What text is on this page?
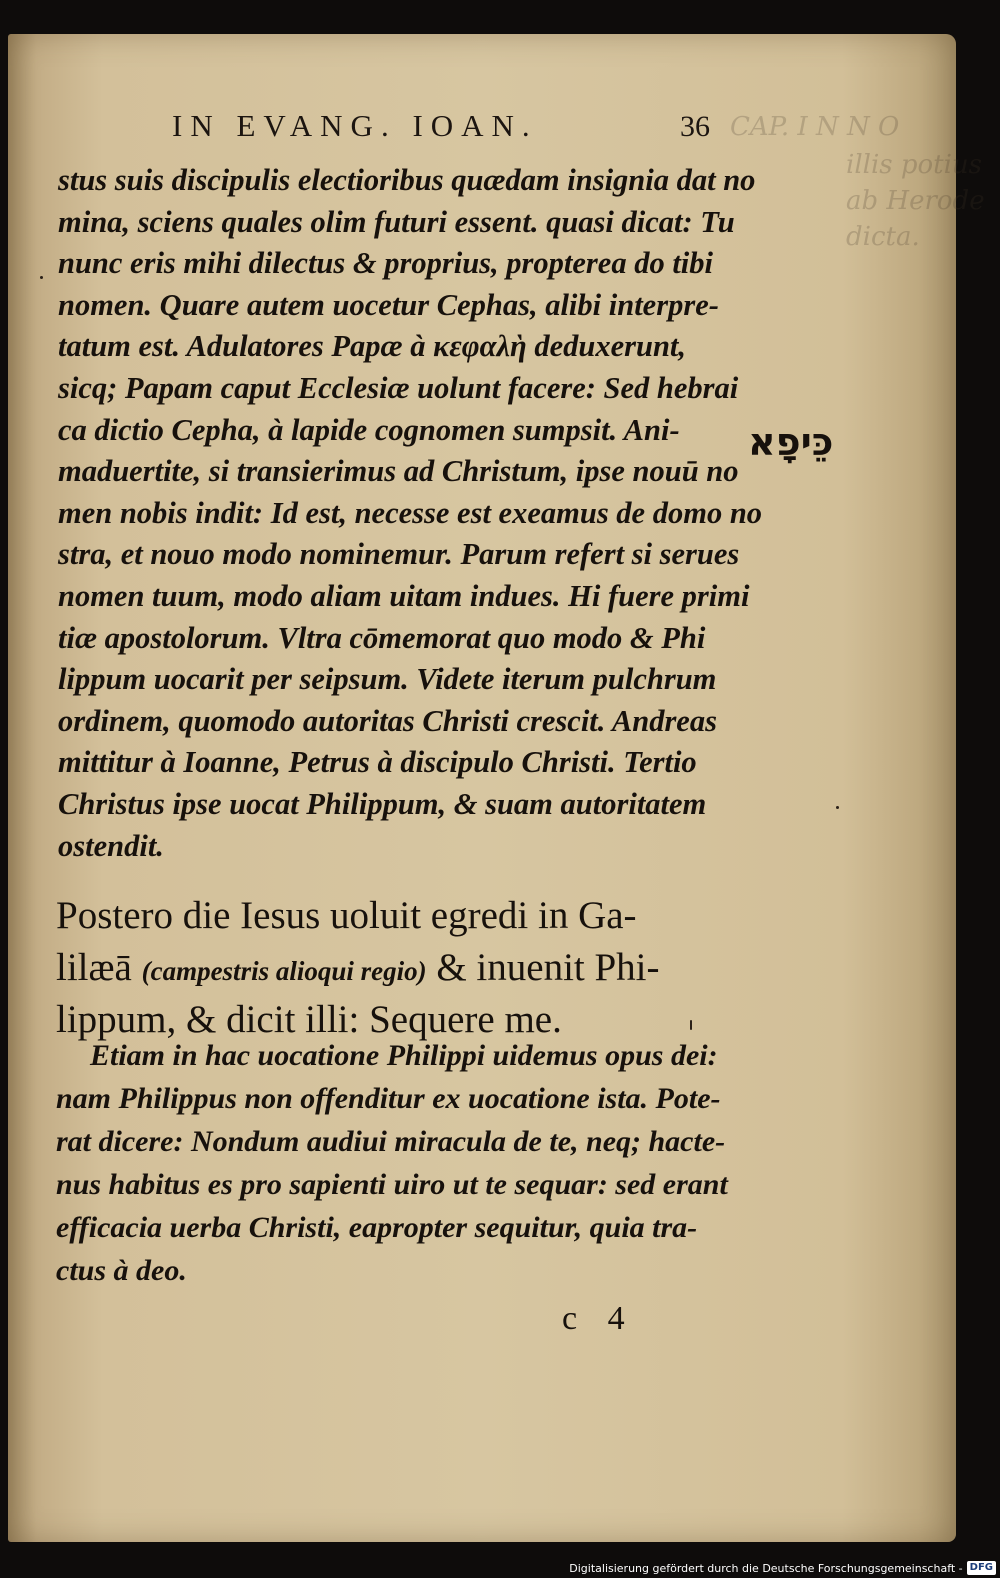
CAP. I N N O
illis potius
ab Herode
dicta.
IN EVANG. IOAN.	36
stus suis discipulis electioribus quædam insignia dat no
mina, sciens quales olim futuri essent. quasi dicat: Tu
nunc eris mihi dilectus & proprius, propterea do tibi
nomen. Quare autem uocetur Cephas, alibi interpre-
tatum est. Adulatores Papæ à κεφαλὴ deduxerunt,
sicq; Papam caput Ecclesiæ uolunt facere: Sed hebrai
ca dictio Cepha, à lapide cognomen sumpsit. Ani-
maduertite, si transierimus ad Christum, ipse nouū no
men nobis indit: Id est, necesse est exeamus de domo no
stra, et nouo modo nominemur. Parum refert si serues
nomen tuum, modo aliam uitam indues. Hi fuere primi
tiæ apostolorum. Vltra cōmemorat quo modo & Phi
lippum uocarit per seipsum. Videte iterum pulchrum
ordinem, quomodo autoritas Christi crescit. Andreas
mittitur à Ioanne, Petrus à discipulo Christi. Tertio
Christus ipse uocat Philippum, & suam autoritatem
ostendit.
כֵּיפָא
Postero die Iesus uoluit egredi in Ga-
lilæā (campestris alioqui regio) & inuenit Phi-
lippum, & dicit illi: Sequere me.
Etiam in hac uocatione Philippi uidemus opus dei:
nam Philippus non offenditur ex uocatione ista. Pote-
rat dicere: Nondum audiui miracula de te, neq; hacte-
nus habitus es pro sapienti uiro ut te sequar: sed erant
efficacia uerba Christi, eapropter sequitur, quia tra-
ctus à deo.
c 4
Digitalisierung gefördert durch die Deutsche Forschungsgemeinschaft - DFG
